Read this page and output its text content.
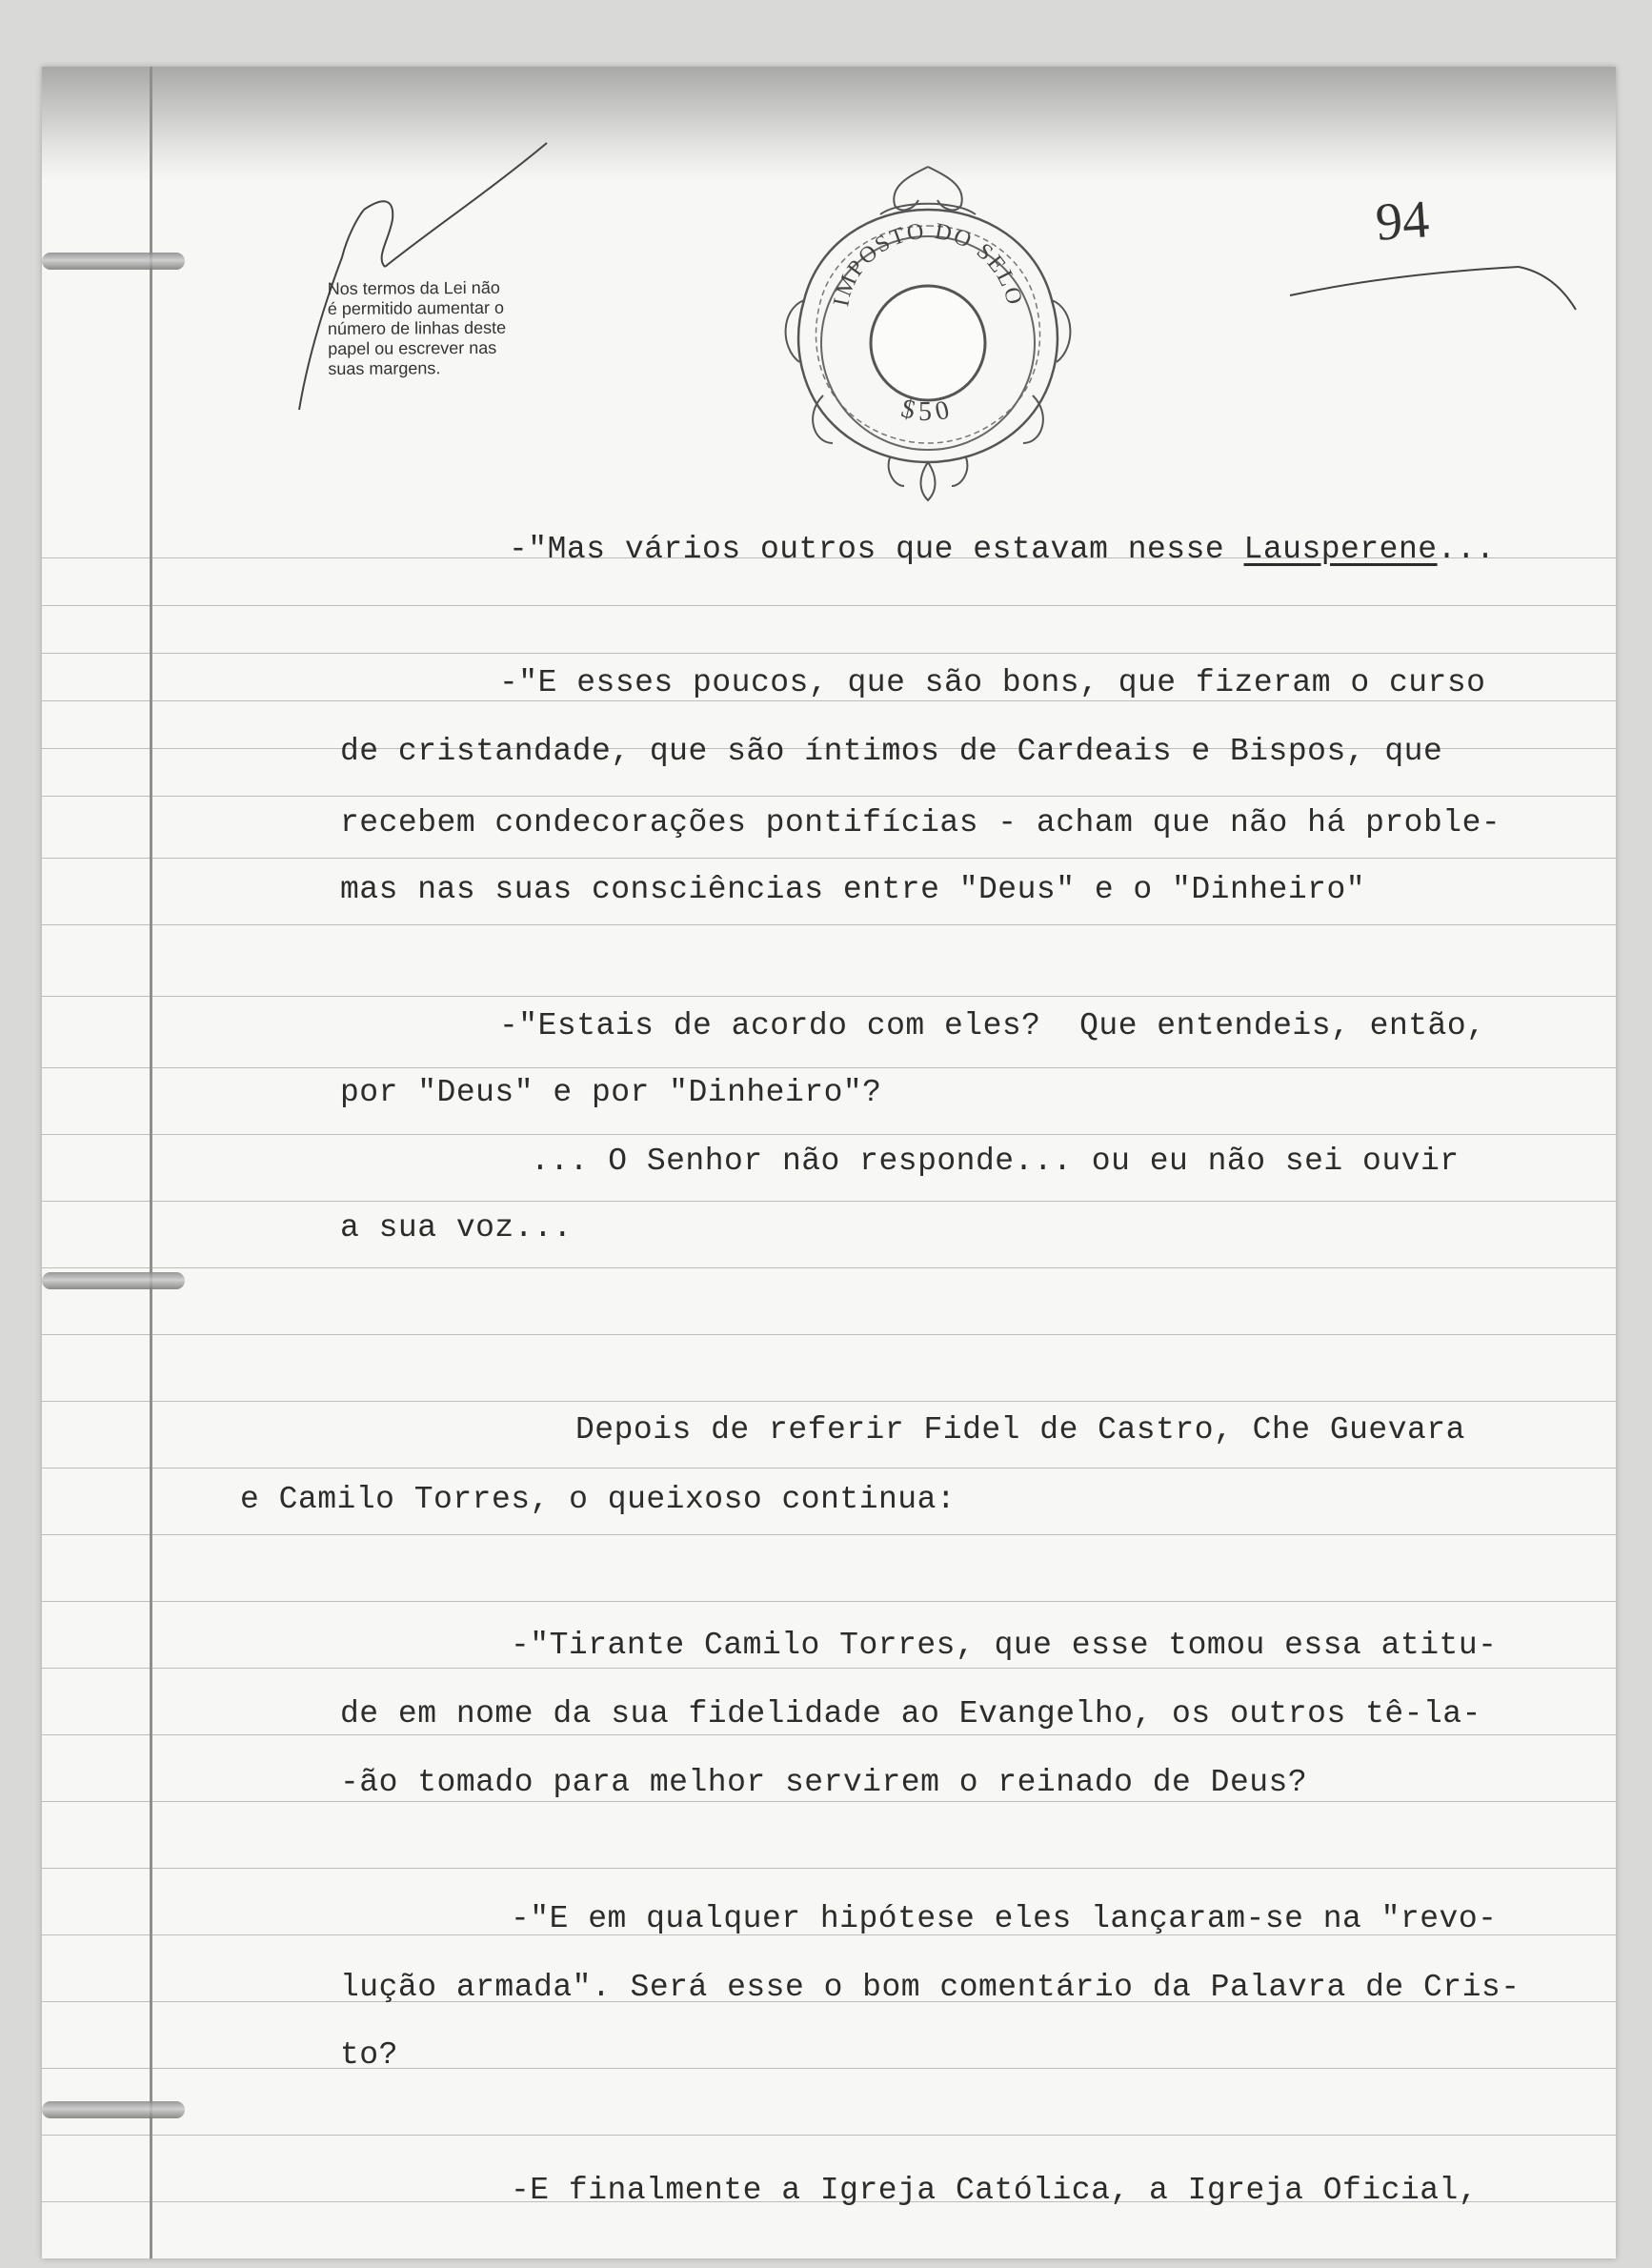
Nos termos da Lei não
é permitido aumentar o
número de linhas deste
papel ou escrever nas
suas margens.
IMPOSTO DO SELO
$50
94

-"Mas vários outros que estavam nesse Lausperene...

-"E esses poucos, que são bons, que fizeram o curso

de cristandade, que são íntimos de Cardeais e Bispos, que

recebem condecorações pontifícias - acham que não há proble-

mas nas suas consciências entre "Deus" e o "Dinheiro"

-"Estais de acordo com eles?  Que entendeis, então,

por "Deus" e por "Dinheiro"?

... O Senhor não responde... ou eu não sei ouvir

a sua voz...

Depois de referir Fidel de Castro, Che Guevara

e Camilo Torres, o queixoso continua:

-"Tirante Camilo Torres, que esse tomou essa atitu-

de em nome da sua fidelidade ao Evangelho, os outros tê-la-

-ão tomado para melhor servirem o reinado de Deus?

-"E em qualquer hipótese eles lançaram-se na "revo-

lução armada". Será esse o bom comentário da Palavra de Cris-

to?

-E finalmente a Igreja Católica, a Igreja Oficial,
